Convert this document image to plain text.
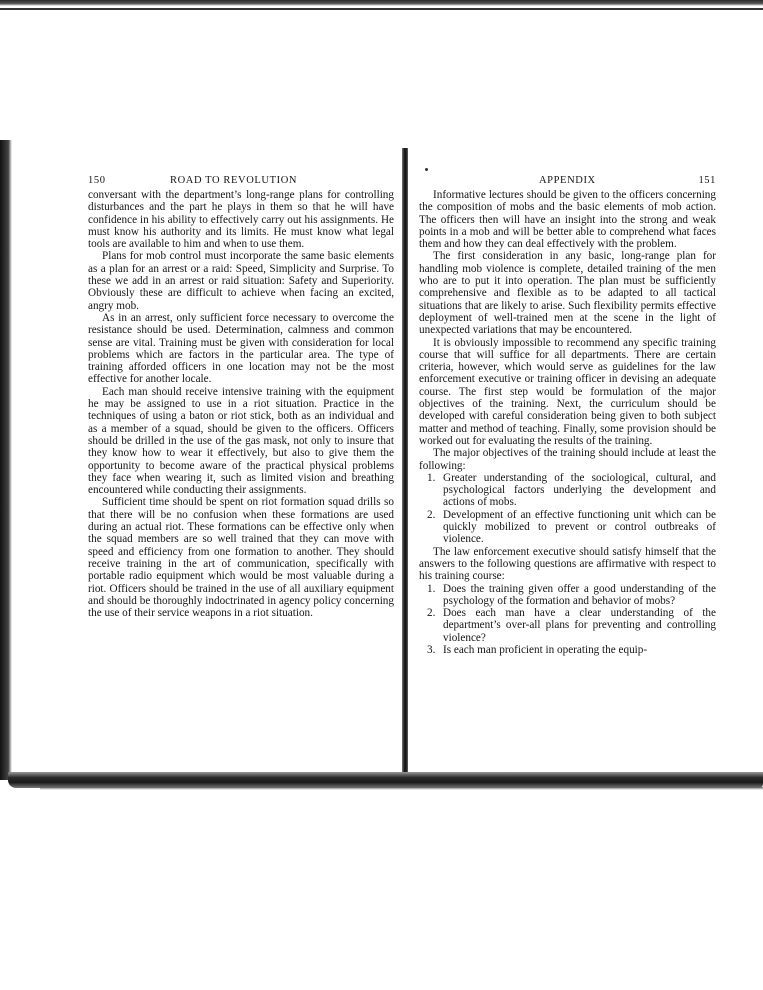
150	ROAD TO REVOLUTION

conversant with the department’s long-range plans for controlling disturbances and the part he plays in them so that he will have confidence in his ability to effectively carry out his assignments. He must know his authority and its limits. He must know what legal tools are available to him and when to use them.

Plans for mob control must incorporate the same basic elements as a plan for an arrest or a raid: Speed, Simplicity and Surprise. To these we add in an arrest or raid situation: Safety and Superiority. Obviously these are difficult to achieve when facing an excited, angry mob.

As in an arrest, only sufficient force necessary to overcome the resistance should be used. Determination, calmness and common sense are vital. Training must be given with consideration for local problems which are factors in the particular area. The type of training afforded officers in one location may not be the most effective for another locale.

Each man should receive intensive training with the equipment he may be assigned to use in a riot situation. Practice in the techniques of using a baton or riot stick, both as an individual and as a member of a squad, should be given to the officers. Officers should be drilled in the use of the gas mask, not only to insure that they know how to wear it effectively, but also to give them the opportunity to become aware of the practical physical problems they face when wearing it, such as limited vision and breathing encountered while conducting their assignments.

Sufficient time should be spent on riot formation squad drills so that there will be no confusion when these formations are used during an actual riot. These formations can be effective only when the squad members are so well trained that they can move with speed and efficiency from one formation to another. They should receive training in the art of communication, specifically with portable radio equipment which would be most valuable during a riot. Officers should be trained in the use of all auxiliary equipment and should be thoroughly indoctrinated in agency policy concerning the use of their service weapons in a riot situation.

APPENDIX	151

Informative lectures should be given to the officers concerning the composition of mobs and the basic elements of mob action. The officers then will have an insight into the strong and weak points in a mob and will be better able to comprehend what faces them and how they can deal effectively with the problem.

The first consideration in any basic, long-range plan for handling mob violence is complete, detailed training of the men who are to put it into operation. The plan must be sufficiently comprehensive and flexible as to be adapted to all tactical situations that are likely to arise. Such flexibility permits effective deployment of well-trained men at the scene in the light of unexpected variations that may be encountered.

It is obviously impossible to recommend any specific training course that will suffice for all departments. There are certain criteria, however, which would serve as guidelines for the law enforcement executive or training officer in devising an adequate course. The first step would be formulation of the major objectives of the training. Next, the curriculum should be developed with careful consideration being given to both subject matter and method of teaching. Finally, some provision should be worked out for evaluating the results of the training.

The major objectives of the training should include at least the following:

1. Greater understanding of the sociological, cultural, and psychological factors underlying the development and actions of mobs.
2. Development of an effective functioning unit which can be quickly mobilized to prevent or control outbreaks of violence.

The law enforcement executive should satisfy himself that the answers to the following questions are affirmative with respect to his training course:

1. Does the training given offer a good understanding of the psychology of the formation and behavior of mobs?
2. Does each man have a clear understanding of the department’s over-all plans for preventing and controlling violence?
3. Is each man proficient in operating the equip-
